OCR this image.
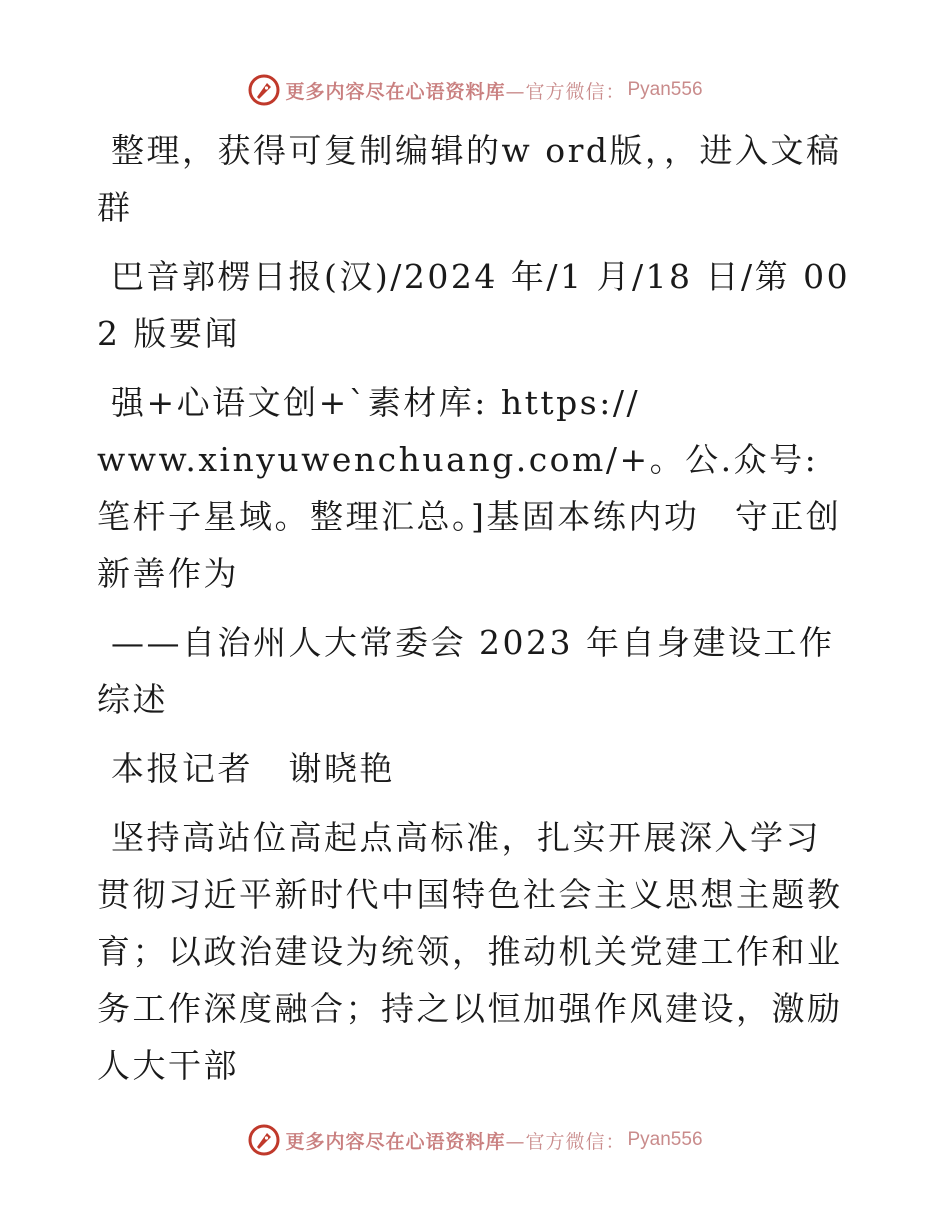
更多内容尽在心语资料库 —官方微信： Pyan556

整理，获得可复制编辑的w ord版，，进入文稿群

巴音郭楞日报(汉)/2024 年/1 月/18 日/第 002 版要闻

强+心语文创+`素材库: https://

www.xinyuwenchuang.com/+。公.众号: 笔杆子星域。整理汇总。]基固本练内功　守正创新善作为

——自治州人大常委会 2023 年自身建设工作综述

本报记者　谢晓艳

坚持高站位高起点高标准，扎实开展深入学习贯彻习近平新时代中国特色社会主义思想主题教育；以政治建设为统领，推动机关党建工作和业务工作深度融合；持之以恒加强作风建设，激励人大干部

更多内容尽在心语资料库 —官方微信： Pyan556
